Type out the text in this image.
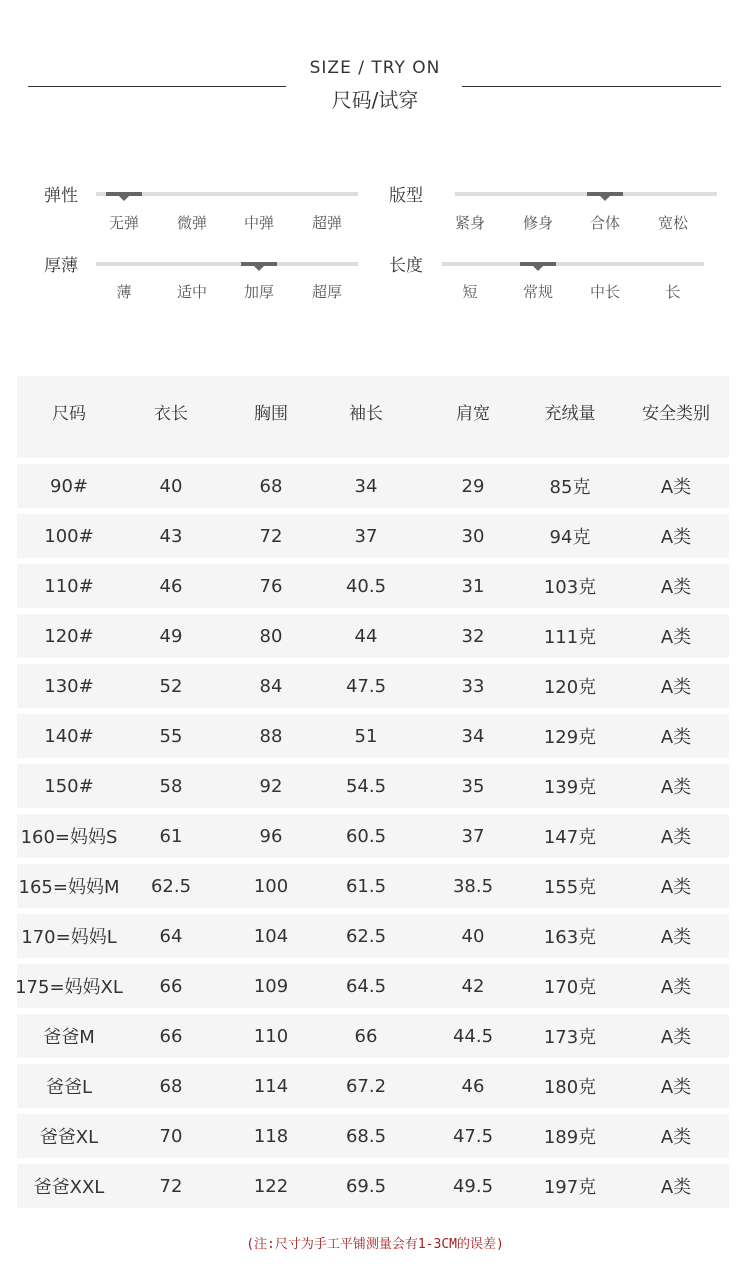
SIZE / TRY ON
尺码/试穿
弹性
无弹	微弹	中弹	超弹
版型
紧身	修身	合体	宽松
厚薄
薄	适中	加厚	超厚
长度
短	常规	中长	长
尺码	衣长	胸围	袖长	肩宽	充绒量	安全类别
90#	40	68	34	29	85克	A类
100#	43	72	37	30	94克	A类
110#	46	76	40.5	31	103克	A类
120#	49	80	44	32	111克	A类
130#	52	84	47.5	33	120克	A类
140#	55	88	51	34	129克	A类
150#	58	92	54.5	35	139克	A类
160=妈妈S	61	96	60.5	37	147克	A类
165=妈妈M	62.5	100	61.5	38.5	155克	A类
170=妈妈L	64	104	62.5	40	163克	A类
175=妈妈XL	66	109	64.5	42	170克	A类
爸爸M	66	110	66	44.5	173克	A类
爸爸L	68	114	67.2	46	180克	A类
爸爸XL	70	118	68.5	47.5	189克	A类
爸爸XXL	72	122	69.5	49.5	197克	A类
(注:尺寸为手工平铺测量会有1-3CM的误差)
